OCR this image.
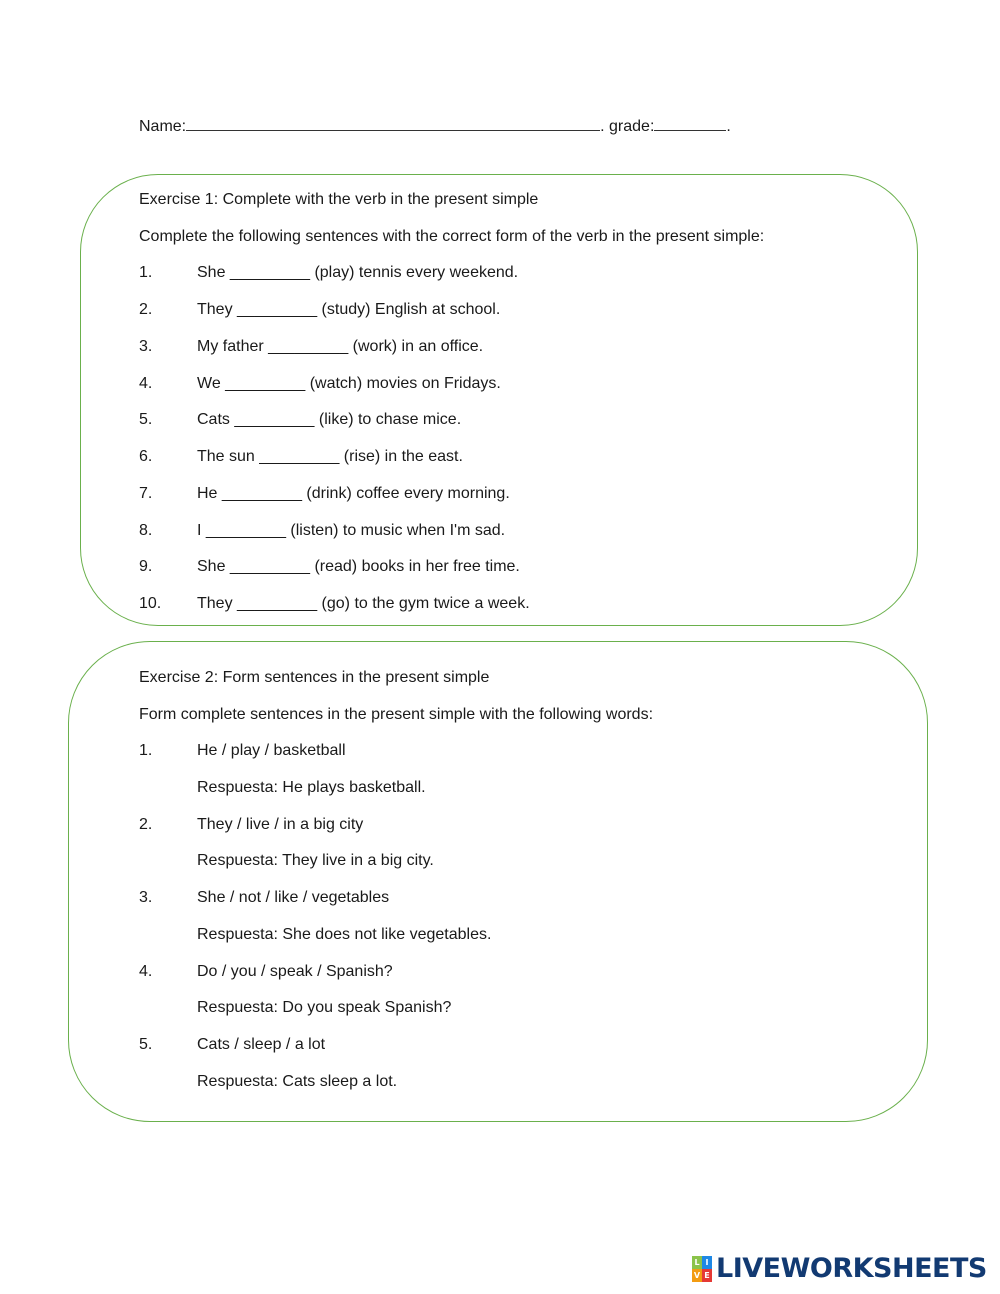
Name:	. grade:	.
Exercise 1: Complete with the verb in the present simple
Complete the following sentences with the correct form of the verb in the present simple:
1.	She _________ (play) tennis every weekend.
2.	They _________ (study) English at school.
3.	My father _________ (work) in an office.
4.	We _________ (watch) movies on Fridays.
5.	Cats _________ (like) to chase mice.
6.	The sun _________ (rise) in the east.
7.	He _________ (drink) coffee every morning.
8.	I _________ (listen) to music when I'm sad.
9.	She _________ (read) books in her free time.
10. They _________ (go) to the gym twice a week.
Exercise 2: Form sentences in the present simple
Form complete sentences in the present simple with the following words:
1.	He / play / basketball
Respuesta: He plays basketball.
2.	They / live / in a big city
Respuesta: They live in a big city.
3.	She / not / like / vegetables
Respuesta: She does not like vegetables.
4.	Do / you / speak / Spanish?
Respuesta: Do you speak Spanish?
5.	Cats / sleep / a lot
Respuesta: Cats sleep a lot.
L I
V E LIVEWORKSHEETS
